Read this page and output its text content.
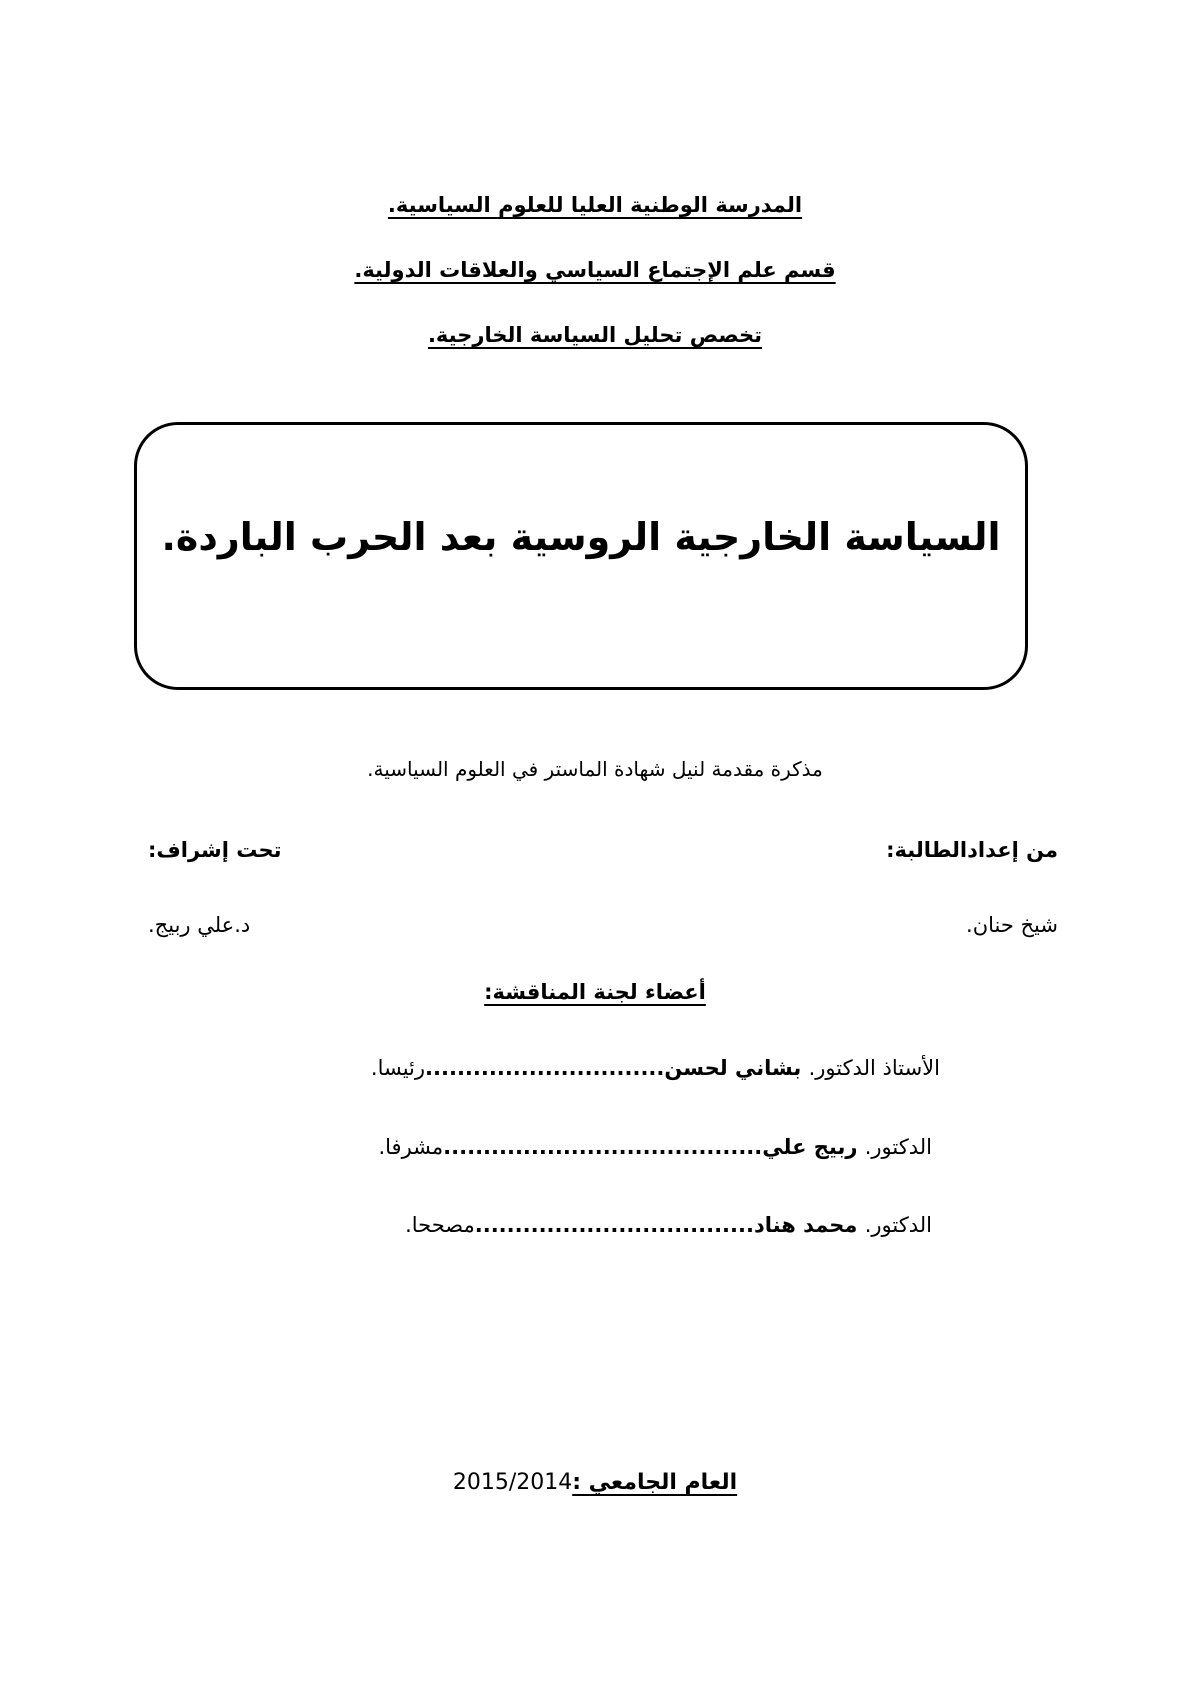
المدرسة الوطنية العليا للعلوم السياسية.
قسم علم الإجتماع السياسي والعلاقات الدولية.
تخصص تحليل السياسة الخارجية.
السياسة الخارجية الروسية بعد الحرب الباردة.
مذكرة مقدمة لنيل شهادة الماستر في العلوم السياسية.
من إعدادالطالبة:
تحت إشراف:
شيخ حنان.
د.علي ربيج.
أعضاء لجنة المناقشة:
الأستاذ الدكتور. بشاني لحسن..............................رئيسا.
الدكتور. ربيج علي........................................مشرفا.
الدكتور. محمد هناد...................................مصححا.
العام الجامعي :2015/2014
